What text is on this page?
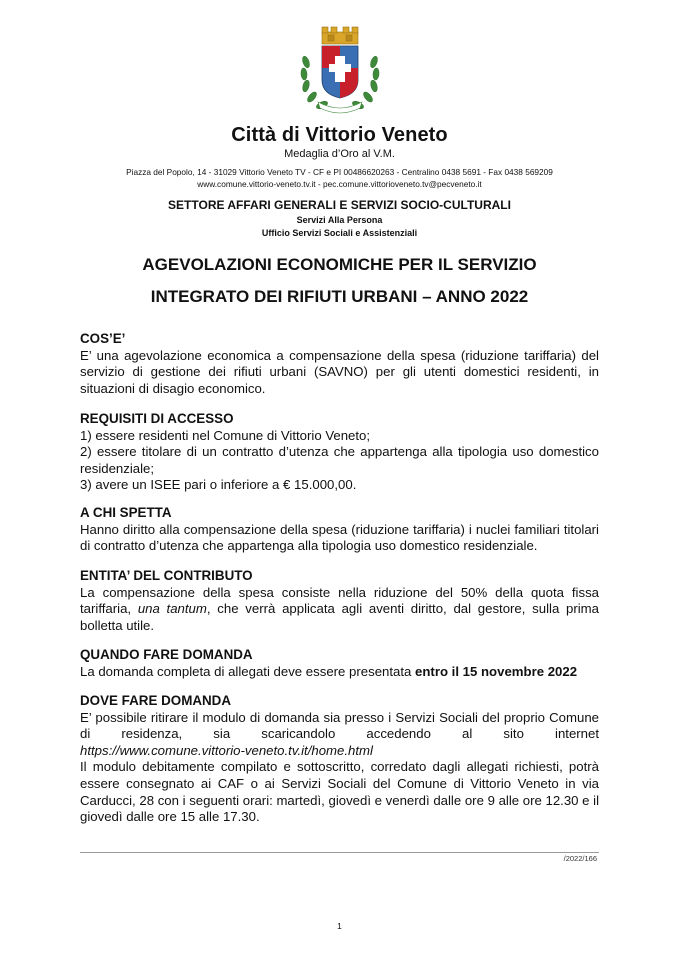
Città di Vittorio Veneto
Medaglia d’Oro al V.M.
Piazza del Popolo, 14 - 31029 Vittorio Veneto TV - CF e PI 00486620263 - Centralino 0438 5691 - Fax 0438 569209
www.comune.vittorio-veneto.tv.it - pec.comune.vittorioveneto.tv@pecveneto.it
SETTORE AFFARI GENERALI E SERVIZI SOCIO-CULTURALI
Servizi Alla Persona
Ufficio Servizi Sociali e Assistenziali
AGEVOLAZIONI ECONOMICHE PER IL SERVIZIO
INTEGRATO DEI RIFIUTI URBANI – ANNO 2022
COS’E’
E’ una agevolazione economica a compensazione della spesa (riduzione tariffaria) del servizio di gestione dei rifiuti urbani (SAVNO) per gli utenti domestici residenti, in situazioni di disagio economico.
REQUISITI DI ACCESSO
1) essere residenti nel Comune di Vittorio Veneto;
2) essere titolare di un contratto d’utenza che appartenga alla tipologia uso domestico residenziale;
3) avere un ISEE pari o inferiore a € 15.000,00.
A CHI SPETTA
Hanno diritto alla compensazione della spesa (riduzione tariffaria) i nuclei familiari titolari di contratto d’utenza che appartenga alla tipologia uso domestico residenziale.
ENTITA’ DEL CONTRIBUTO
La compensazione della spesa consiste nella riduzione del 50% della quota fissa tariffaria, una tantum, che verrà applicata agli aventi diritto, dal gestore, sulla prima bolletta utile.
QUANDO FARE DOMANDA
La domanda completa di allegati deve essere presentata entro il 15 novembre 2022
DOVE FARE DOMANDA
E’ possibile ritirare il modulo di domanda sia presso i Servizi Sociali del proprio Comune di residenza, sia scaricandolo accedendo al sito internet
https://www.comune.vittorio-veneto.tv.it/home.html
Il modulo debitamente compilato e sottoscritto, corredato dagli allegati richiesti, potrà essere consegnato ai CAF o ai Servizi Sociali del Comune di Vittorio Veneto in via Carducci, 28 con i seguenti orari: martedì, giovedì e venerdì dalle ore 9 alle ore 12.30 e il giovedì dalle ore 15 alle 17.30.
/2022/166
1
